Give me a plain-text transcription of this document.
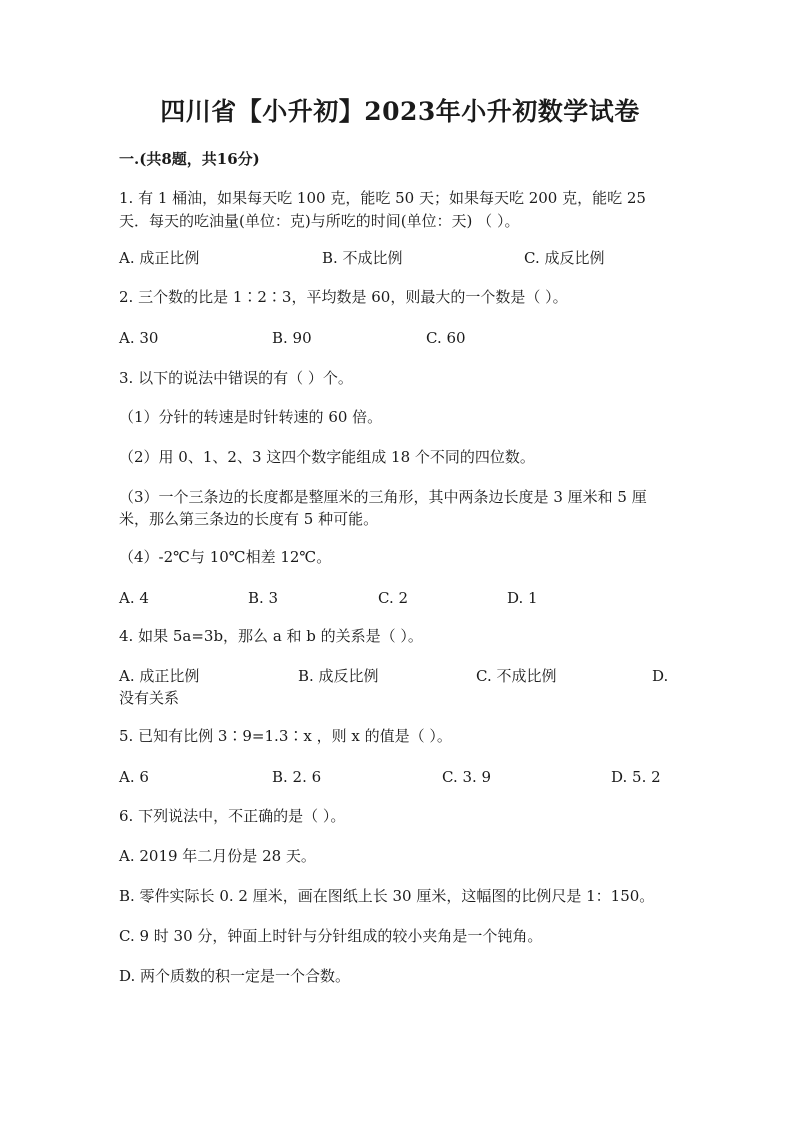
四川省【小升初】2023年小升初数学试卷
一.(共8题，共16分)
1. 有 1 桶油，如果每天吃 100 克，能吃 50 天；如果每天吃 200 克，能吃 25
天．每天的吃油量(单位：克)与所吃的时间(单位：天) （ ）。
A. 成正比例	B. 不成比例	C. 成反比例
2. 三个数的比是 1∶2∶3，平均数是 60，则最大的一个数是（ ）。
A. 30	B. 90	C. 60
3. 以下的说法中错误的有（ ）个。
（1）分针的转速是时针转速的 60 倍。
（2）用 0、1、2、3 这四个数字能组成 18 个不同的四位数。
（3）一个三条边的长度都是整厘米的三角形，其中两条边长度是 3 厘米和 5 厘
米，那么第三条边的长度有 5 种可能。
（4）-2℃与 10℃相差 12℃。
A. 4	B. 3	C. 2	D. 1
4. 如果 5a=3b，那么 a 和 b 的关系是（ ）。
A. 成正比例	B. 成反比例	C. 不成比例	D.
没有关系
5. 已知有比例 3∶9=1.3∶x ，则 x 的值是（ ）。
A. 6	B. 2. 6	C. 3. 9	D. 5. 2
6. 下列说法中，不正确的是（ ）。
A. 2019 年二月份是 28 天。
B. 零件实际长 0. 2 厘米，画在图纸上长 30 厘米，这幅图的比例尺是 1：150。
C. 9 时 30 分，钟面上时针与分针组成的较小夹角是一个钝角。
D. 两个质数的积一定是一个合数。
